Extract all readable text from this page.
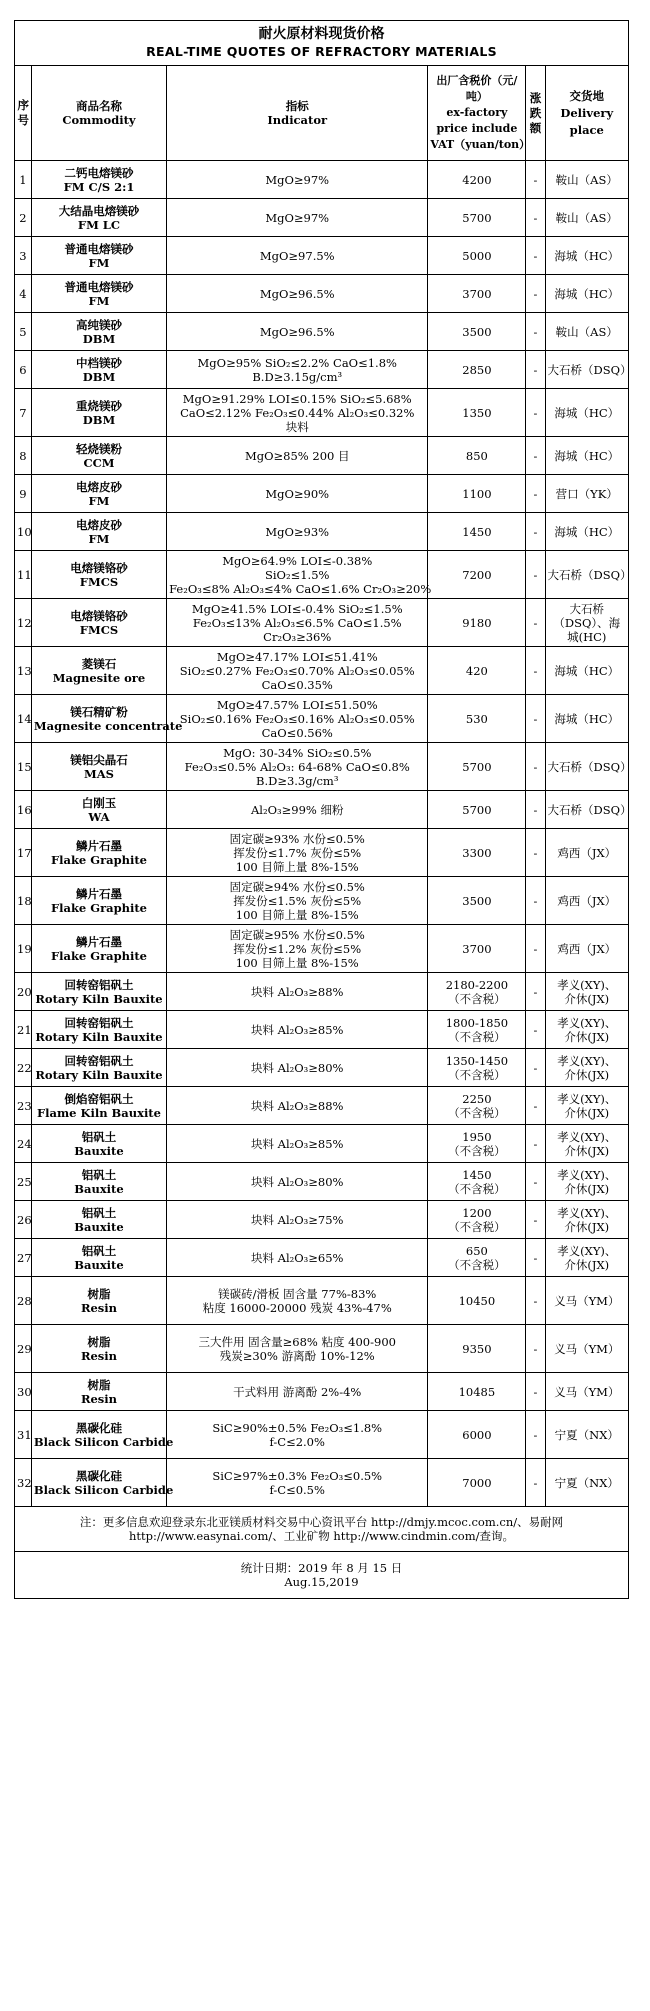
耐火原材料现货价格
REAL-TIME QUOTES OF REFRACTORY MATERIALS					

序号	商品名称
Commodity	指标
Indicator	出厂含税价（元/
吨）
ex-factory
price include
VAT（yuan/ton）	涨跌额	交货地
Delivery
place

1	二钙电熔镁砂
FM C/S 2:1	MgO≥97%	4200	-	鞍山（AS）

2	大结晶电熔镁砂
FM LC	MgO≥97%	5700	-	鞍山（AS）

3	普通电熔镁砂
FM	MgO≥97.5%	5000	-	海城（HC）

4	普通电熔镁砂
FM	MgO≥96.5%	3700	-	海城（HC）

5	高纯镁砂
DBM	MgO≥96.5%	3500	-	鞍山（AS）

6	中档镁砂
DBM	MgO≥95% SiO₂≤2.2% CaO≤1.8%
B.D≥3.15g/cm³	2850	-	大石桥（DSQ）

7	重烧镁砂
DBM	MgO≥91.29% LOI≤0.15% SiO₂≤5.68%
CaO≤2.12% Fe₂O₃≤0.44% Al₂O₃≤0.32%
块料	1350	-	海城（HC）

8	轻烧镁粉
CCM	MgO≥85% 200 目	850	-	海城（HC）

9	电熔皮砂
FM	MgO≥90%	1100	-	营口（YK）

10	电熔皮砂
FM	MgO≥93%	1450	-	海城（HC）

11	电熔镁铬砂
FMCS	MgO≥64.9% LOI≤-0.38%
SiO₂≤1.5%
Fe₂O₃≤8% Al₂O₃≤4% CaO≤1.6% Cr₂O₃≥20%	7200	-	大石桥（DSQ）

12	电熔镁铬砂
FMCS	MgO≥41.5% LOI≤-0.4% SiO₂≤1.5%
Fe₂O₃≤13% Al₂O₃≤6.5% CaO≤1.5%
Cr₂O₃≥36%	9180	-	大石桥
（DSQ）、海
城(HC)

13	菱镁石
Magnesite ore	MgO≥47.17% LOI≤51.41%
SiO₂≤0.27% Fe₂O₃≤0.70% Al₂O₃≤0.05%
CaO≤0.35%	420	-	海城（HC）

14	镁石精矿粉
Magnesite concentrate	MgO≥47.57% LOI≤51.50%
SiO₂≤0.16% Fe₂O₃≤0.16% Al₂O₃≤0.05%
CaO≤0.56%	530	-	海城（HC）

15	镁铝尖晶石
MAS	MgO: 30-34% SiO₂≤0.5%
Fe₂O₃≤0.5% Al₂O₃: 64-68% CaO≤0.8%
B.D≥3.3g/cm³	5700	-	大石桥（DSQ）

16	白刚玉
WA	Al₂O₃≥99% 细粉	5700	-	大石桥（DSQ）

17	鳞片石墨
Flake Graphite	固定碳≥93% 水份≤0.5%
挥发份≤1.7% 灰份≤5%
100 目筛上量 8%-15%	3300	-	鸡西（JX）

18	鳞片石墨
Flake Graphite	固定碳≥94% 水份≤0.5%
挥发份≤1.5% 灰份≤5%
100 目筛上量 8%-15%	3500	-	鸡西（JX）

19	鳞片石墨
Flake Graphite	固定碳≥95% 水份≤0.5%
挥发份≤1.2% 灰份≤5%
100 目筛上量 8%-15%	3700	-	鸡西（JX）

20	回转窑铝矾土
Rotary Kiln Bauxite	块料 Al₂O₃≥88%	2180-2200
（不含税）	-	孝义(XY)、
介休(JX)

21	回转窑铝矾土
Rotary Kiln Bauxite	块料 Al₂O₃≥85%	1800-1850
（不含税）	-	孝义(XY)、
介休(JX)

22	回转窑铝矾土
Rotary Kiln Bauxite	块料 Al₂O₃≥80%	1350-1450
（不含税）	-	孝义(XY)、
介休(JX)

23	倒焰窑铝矾土
Flame Kiln Bauxite	块料 Al₂O₃≥88%	2250
（不含税）	-	孝义(XY)、
介休(JX)

24	铝矾土
Bauxite	块料 Al₂O₃≥85%	1950
（不含税）	-	孝义(XY)、
介休(JX)

25	铝矾土
Bauxite	块料 Al₂O₃≥80%	1450
（不含税）	-	孝义(XY)、
介休(JX)

26	铝矾土
Bauxite	块料 Al₂O₃≥75%	1200
（不含税）	-	孝义(XY)、
介休(JX)

27	铝矾土
Bauxite	块料 Al₂O₃≥65%	650
（不含税）	-	孝义(XY)、
介休(JX)

28	树脂
Resin	镁碳砖/滑板 固含量 77%-83%
粘度 16000-20000 残炭 43%-47%	10450	-	义马（YM）

29	树脂
Resin	三大件用 固含量≥68% 粘度 400-900
残炭≥30% 游离酚 10%-12%	9350	-	义马（YM）

30	树脂
Resin	干式料用 游离酚 2%-4%	10485	-	义马（YM）

31	黑碳化硅
Black Silicon Carbide	SiC≥90%±0.5% Fe₂O₃≤1.8%
f-C≤2.0%	6000	-	宁夏（NX）

32	黑碳化硅
Black Silicon Carbide	SiC≥97%±0.3% Fe₂O₃≤0.5%
f-C≤0.5%	7000	-	宁夏（NX）

注：更多信息欢迎登录东北亚镁质材料交易中心资讯平台 http://dmjy.mcoc.com.cn/、易耐网 http://www.easynai.com/、工业矿物 http://www.cindmin.com/查询。					

统计日期：2019 年 8 月 15 日
Aug.15,2019					
